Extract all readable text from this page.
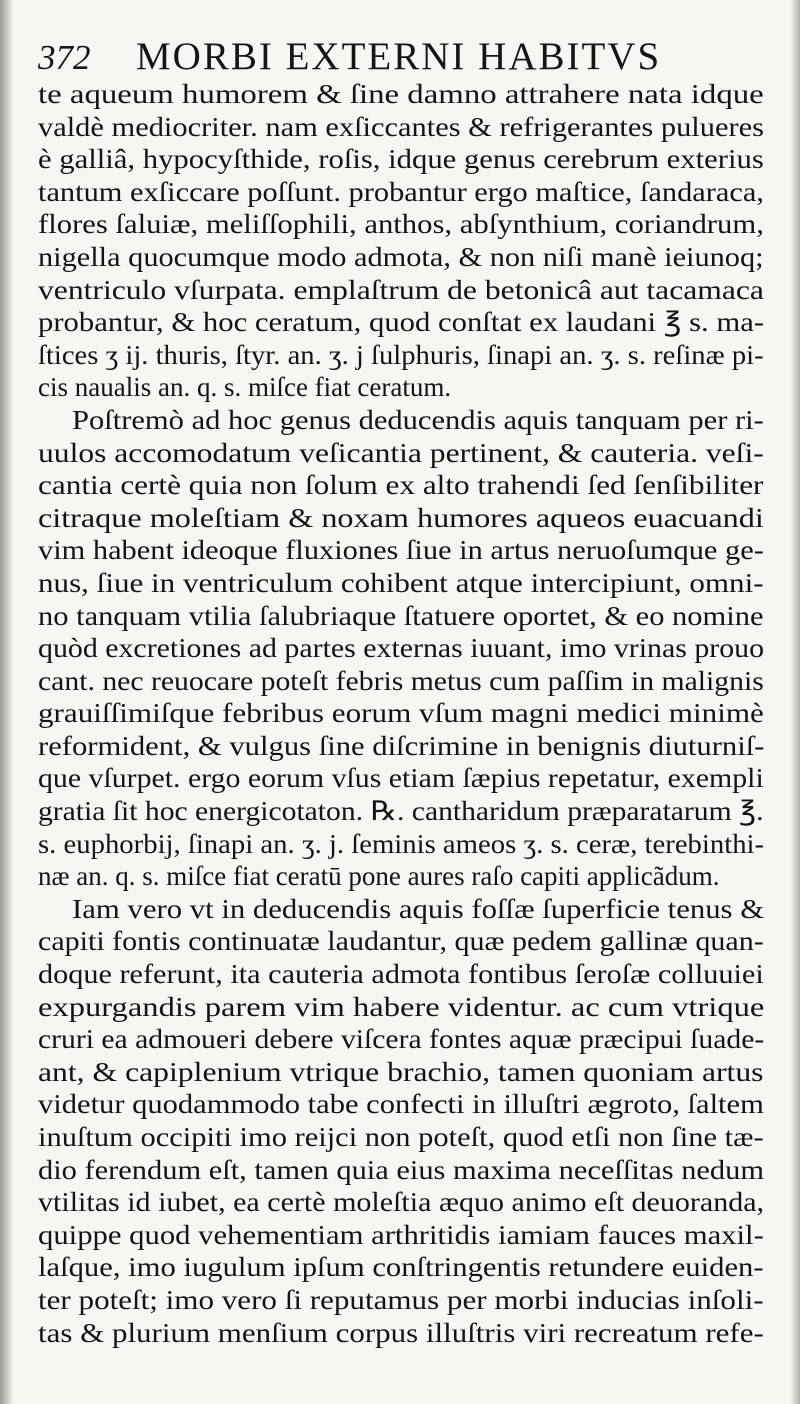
372 MORBI EXTERNI HABITVS
te aqueum humorem & ſine damno attrahere nata idque
valdè mediocriter. nam exſiccantes & refrigerantes pulueres
è galliâ, hypocyſthide, roſis, idque genus cerebrum exterius
tantum exſiccare poſſunt. probantur ergo maſtice, ſandaraca,
flores ſaluiæ, meliſſophili, anthos, abſynthium, coriandrum,
nigella quocumque modo admota, & non niſi manè ieiunoq;
ventriculo vſurpata. emplaſtrum de betonicâ aut tacamaca
probantur, & hoc ceratum, quod conſtat ex laudani ℥ s. ma-
ſtices ʒ ij. thuris, ſtyr. an. ʒ. j ſulphuris, ſinapi an. ʒ. s. reſinæ pi-
cis naualis an. q. s. miſce fiat ceratum.
Poſtremò ad hoc genus deducendis aquis tanquam per ri-
uulos accomodatum veſicantia pertinent, & cauteria. veſi-
cantia certè quia non ſolum ex alto trahendi ſed ſenſibiliter
citraque moleſtiam & noxam humores aqueos euacuandi
vim habent ideoque fluxiones ſiue in artus neruoſumque ge-
nus, ſiue in ventriculum cohibent atque intercipiunt, omni-
no tanquam vtilia ſalubriaque ſtatuere oportet, & eo nomine
quòd excretiones ad partes externas iuuant, imo vrinas prouo
cant. nec reuocare poteſt febris metus cum paſſim in malignis
grauiſſimiſque febribus eorum vſum magni medici minimè
reformident, & vulgus ſine diſcrimine in benignis diuturniſ-
que vſurpet. ergo eorum vſus etiam ſæpius repetatur, exempli
gratia ſit hoc energicotaton. ℞. cantharidum præparatarum ℥.
s. euphorbij, ſinapi an. ʒ. j. ſeminis ameos ʒ. s. ceræ, terebinthi-
næ an. q. s. miſce fiat ceratū pone aures raſo capiti applicãdum.
Iam vero vt in deducendis aquis foſſæ ſuperficie tenus &
capiti fontis continuatæ laudantur, quæ pedem gallinæ quan-
doque referunt, ita cauteria admota fontibus ſeroſæ colluuiei
expurgandis parem vim habere videntur. ac cum vtrique
cruri ea admoueri debere viſcera fontes aquæ præcipui ſuade-
ant, & capiplenium vtrique brachio, tamen quoniam artus
videtur quodammodo tabe confecti in illuſtri ægroto, ſaltem
inuſtum occipiti imo reijci non poteſt, quod etſi non ſine tæ-
dio ferendum eſt, tamen quia eius maxima neceſſitas nedum
vtilitas id iubet, ea certè moleſtia æquo animo eſt deuoranda,
quippe quod vehementiam arthritidis iamiam fauces maxil-
laſque, imo iugulum ipſum conſtringentis retundere euiden-
ter poteſt; imo vero ſi reputamus per morbi inducias inſoli-
tas & plurium menſium corpus illuſtris viri recreatum refe-
